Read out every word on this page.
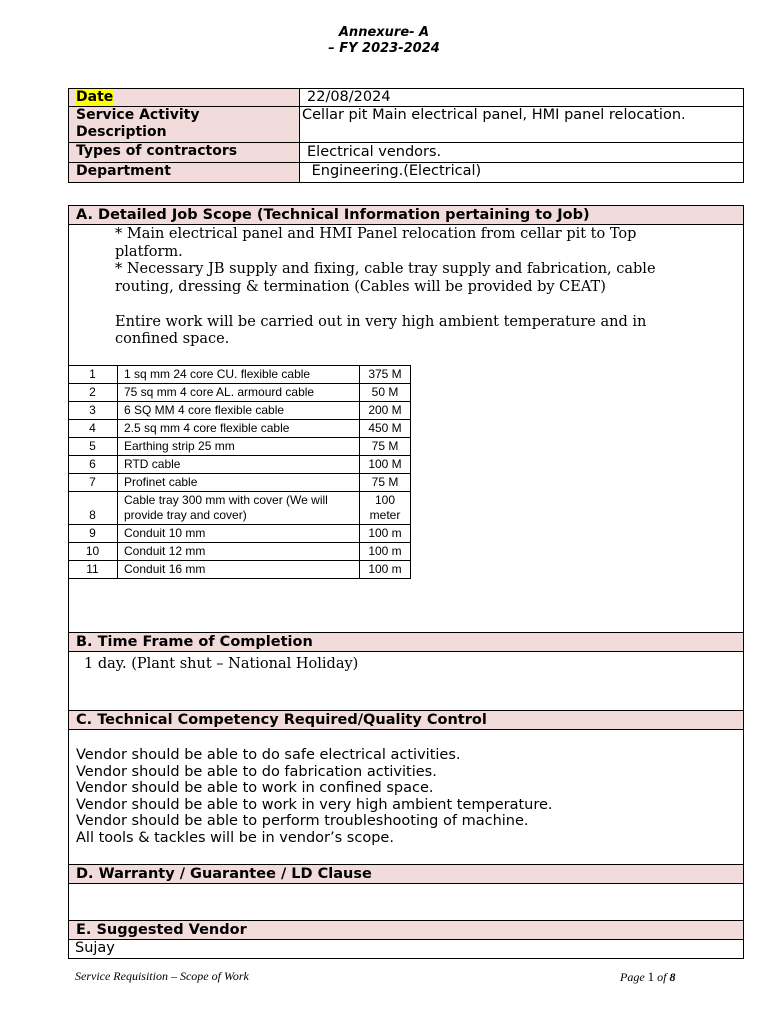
Annexure- A
– FY 2023-2024
Date	22/08/2024
Service Activity Description	Cellar pit Main electrical panel, HMI panel relocation.
Types of contractors	Electrical vendors.
Department	Engineering.(Electrical)
A. Detailed Job Scope (Technical Information pertaining to Job)
* Main electrical panel and HMI Panel relocation from cellar pit to Top
platform.
* Necessary JB supply and fixing, cable tray supply and fabrication, cable
routing, dressing & termination (Cables will be provided by CEAT)
Entire work will be carried out in very high ambient temperature and in
confined space.
1	1 sq mm 24 core CU. flexible cable	375 M
2	75 sq mm 4 core AL. armourd cable	50 M
3	6 SQ MM 4 core flexible cable	200 M
4	2.5 sq mm 4 core flexible cable	450 M
5	Earthing strip 25 mm	75 M
6	RTD cable	100 M
7	Profinet cable	75 M
8	Cable tray 300 mm with cover (We will provide tray and cover)	100 meter
9	Conduit 10 mm	100 m
10	Conduit 12 mm	100 m
11	Conduit 16 mm	100 m
B. Time Frame of Completion
1 day. (Plant shut – National Holiday)
C. Technical Competency Required/Quality Control
Vendor should be able to do safe electrical activities.
Vendor should be able to do fabrication activities.
Vendor should be able to work in confined space.
Vendor should be able to work in very high ambient temperature.
Vendor should be able to perform troubleshooting of machine.
All tools & tackles will be in vendor’s scope.
D. Warranty / Guarantee / LD Clause
E. Suggested Vendor
Sujay
Service Requisition – Scope of Work	Page 1 of 8
